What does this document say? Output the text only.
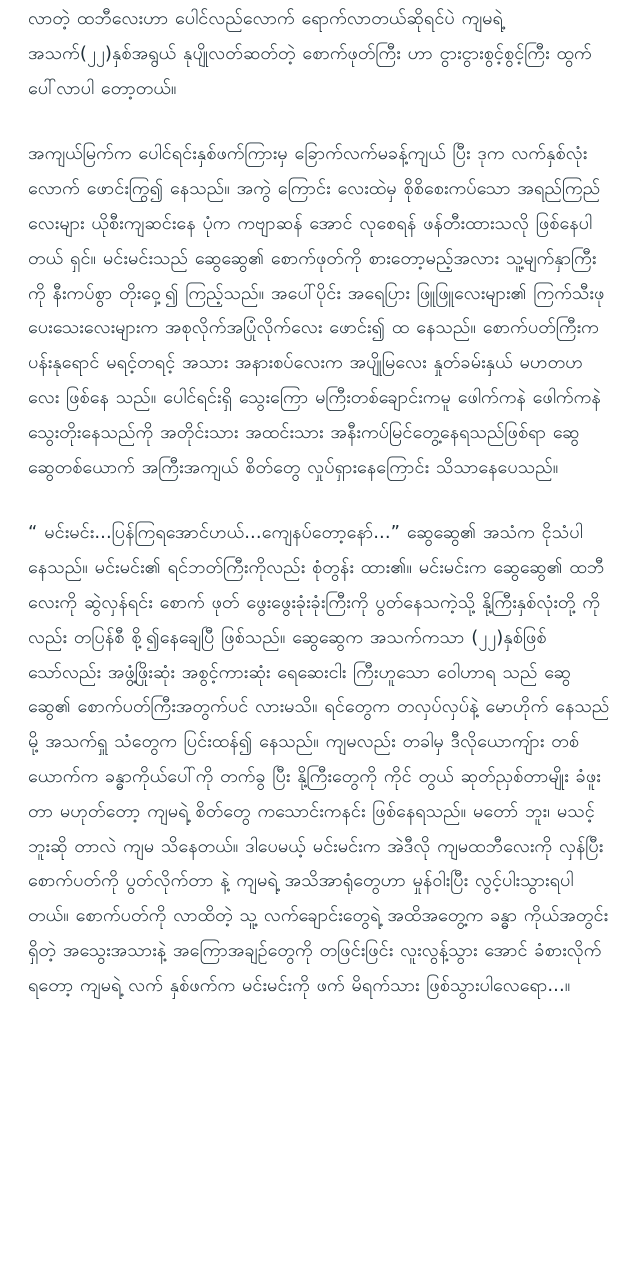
လာတဲ့ ထဘီလေးဟာ ပေါင်လည်လောက် ရောက်လာတယ်ဆိုရင်ပဲ ကျမရဲ့ အသက်(၂၂)နှစ်အရွယ် နုပျိုလတ်ဆတ်တဲ့ စောက်ဖုတ်ကြီး ဟာ ငွားငွားစွင့်စွင့်ကြီး ထွက်ပေါ်လာပါ တော့တယ်။

အကျယ်မြက်က ပေါင်ရင်းနှစ်ဖက်ကြားမှ ခြောက်လက်မခန့်ကျယ် ပြီး ဒုက လက်နှစ်လုံးလောက် ဖောင်းကြွ၍ နေသည်။ အကွဲ ကြောင်း လေးထဲမှ စိုစိစေးကပ်သော အရည်ကြည်လေးများ ယိုစီးကျဆင်းနေ ပုံက ကဗျာဆန် အောင် လုစေရန် ဖန်တီးထားသလို ဖြစ်နေပါတယ် ရှင်။ မင်းမင်းသည် ဆွေဆွေ၏ စောက်ဖုတ်ကို စားတော့မည့်အလား သူ့မျက်နှာကြီးကို နီးကပ်စွာ တိုးဝှေ့၍ ကြည့်သည်။ အပေါ်ပိုင်း အရေပြား ဖြူဖြူလေးများ၏ ကြက်သီးဖုပေးသေးလေးများက အစုလိုက်အပြုံလိုက်လေး ဖောင်း၍ ထ နေသည်။ စောက်ပတ်ကြီးက ပန်းနုရောင် မရင့်တရင့် အသား အနားစပ်လေးက အပျိုမြလေး နှုတ်ခမ်းနှယ် မဟတဟလေး ဖြစ်နေ သည်။ ပေါင်ရင်းရှိ သွေးကြော မကြီးတစ်ချောင်းကမူ ဖေါက်ကနဲ ဖေါက်ကနဲ သွေးတိုးနေသည်ကို အတိုင်းသား အထင်းသား အနီးကပ်မြင်တွေ့နေရသည်ဖြစ်ရာ ဆွေ ဆွေတစ်ယောက် အကြီးအကျယ် စိတ်တွေ လှုပ်ရှားနေကြောင်း သိသာနေပေသည်။

“ မင်းမင်း...ပြန်ကြရအောင်ဟယ်...ကျေနပ်တော့နော်...” ဆွေဆွေ၏ အသံက ငိုသံပါနေသည်။ မင်းမင်း၏ ရင်ဘတ်ကြီးကိုလည်း စုံတွန်း ထား၏။ မင်းမင်းက ဆွေဆွေ၏ ထဘီလေးကို ဆွဲလှန်ရင်း စောက် ဖုတ် ဖွေးဖွေးခုံးခုံးကြီးကို ပွတ်နေသကဲ့သို့ နို့ကြီးနှစ်လုံးတို့ ကိုလည်း တပြန်စီ စို့၍နေချေပြီ ဖြစ်သည်။ ဆွေဆွေက အသက်ကသာ (၂၂)နှစ်ဖြစ်သော်လည်း အဖွံ့ဖြိုးဆုံး အစွင့်ကားဆုံး ရေဆေးငါး ကြီးဟူသော ဝေါဟာရ သည် ဆွေဆွေ၏ စောက်ပတ်ကြီးအတွက်ပင် လားမသိ။ ရင်တွေက တလှပ်လှပ်နဲ့ မောဟိုက် နေသည်မို့ အသက်ရှူ သံတွေက ပြင်းထန်၍ နေသည်။ ကျမလည်း တခါမှ ဒီလိုယောကျ်ား တစ်ယောက်က ခန္ဓာကိုယ်ပေါ်ကို တက်ခွ ပြီး နို့ကြီးတွေကို ကိုင် တွယ် ဆုတ်ညှစ်တာမျိုး ခံဖူးတာ မဟုတ်တော့ ကျမရဲ့ စိတ်တွေ ကသောင်းကနင်း ဖြစ်နေရသည်။ မတော် ဘူး၊ မသင့်ဘူးဆို တာလဲ ကျမ သိနေတယ်။ ဒါပေမယ့် မင်းမင်းက အဲဒီလို ကျမထဘီလေးကို လှန်ပြီး စောက်ပတ်ကို ပွတ်လိုက်တာ နဲ့ ကျမရဲ့ အသိအာရုံတွေဟာ မှုန်ဝါးပြီး လွင့်ပါးသွားရပါတယ်။ စောက်ပတ်ကို လာထိတဲ့ သူ့ လက်ချောင်းတွေရဲ့ အထိအတွေ့က ခန္ဓာ ကိုယ်အတွင်းရှိတဲ့ အသွေးအသားနဲ့ အကြောအချဉ်တွေကို တဖြင်းဖြင်း လူးလွန့်သွား အောင် ခံစားလိုက်ရတော့ ကျမရဲ့ လက် နှစ်ဖက်က မင်းမင်းကို ဖက် မိရက်သား ဖြစ်သွားပါလေရော...။
